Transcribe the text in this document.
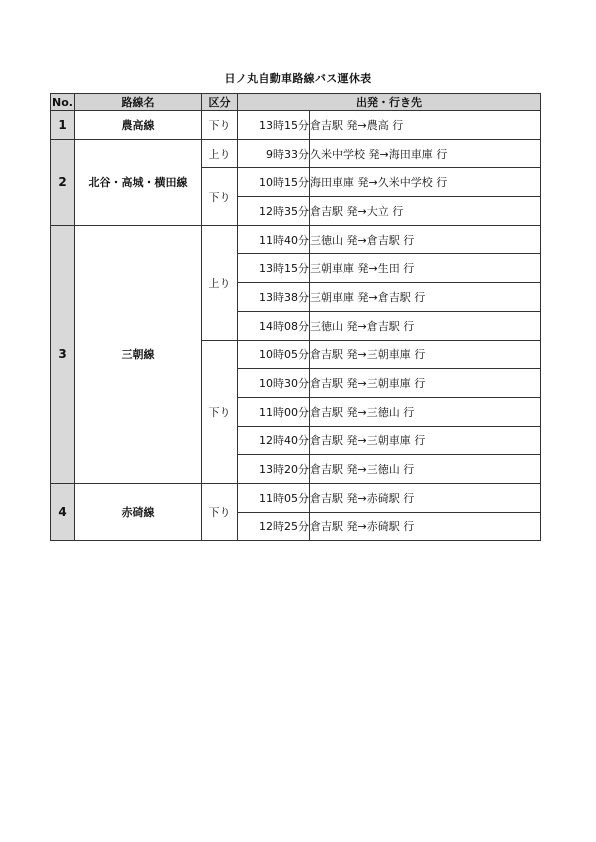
日ノ丸自動車路線バス運休表
No.	路線名	区分	出発・行き先	
1	農高線	下り	13時15分	倉吉駅 発→農高 行
2	北谷・高城・横田線	上り	9時33分	久米中学校 発→海田車庫 行
		下り	10時15分	海田車庫 発→久米中学校 行
			12時35分	倉吉駅 発→大立 行
3	三朝線	上り	11時40分	三徳山 発→倉吉駅 行
			13時15分	三朝車庫 発→生田 行
			13時38分	三朝車庫 発→倉吉駅 行
			14時08分	三徳山 発→倉吉駅 行
		下り	10時05分	倉吉駅 発→三朝車庫 行
			10時30分	倉吉駅 発→三朝車庫 行
			11時00分	倉吉駅 発→三徳山 行
			12時40分	倉吉駅 発→三朝車庫 行
			13時20分	倉吉駅 発→三徳山 行
4	赤碕線	下り	11時05分	倉吉駅 発→赤碕駅 行
			12時25分	倉吉駅 発→赤碕駅 行
